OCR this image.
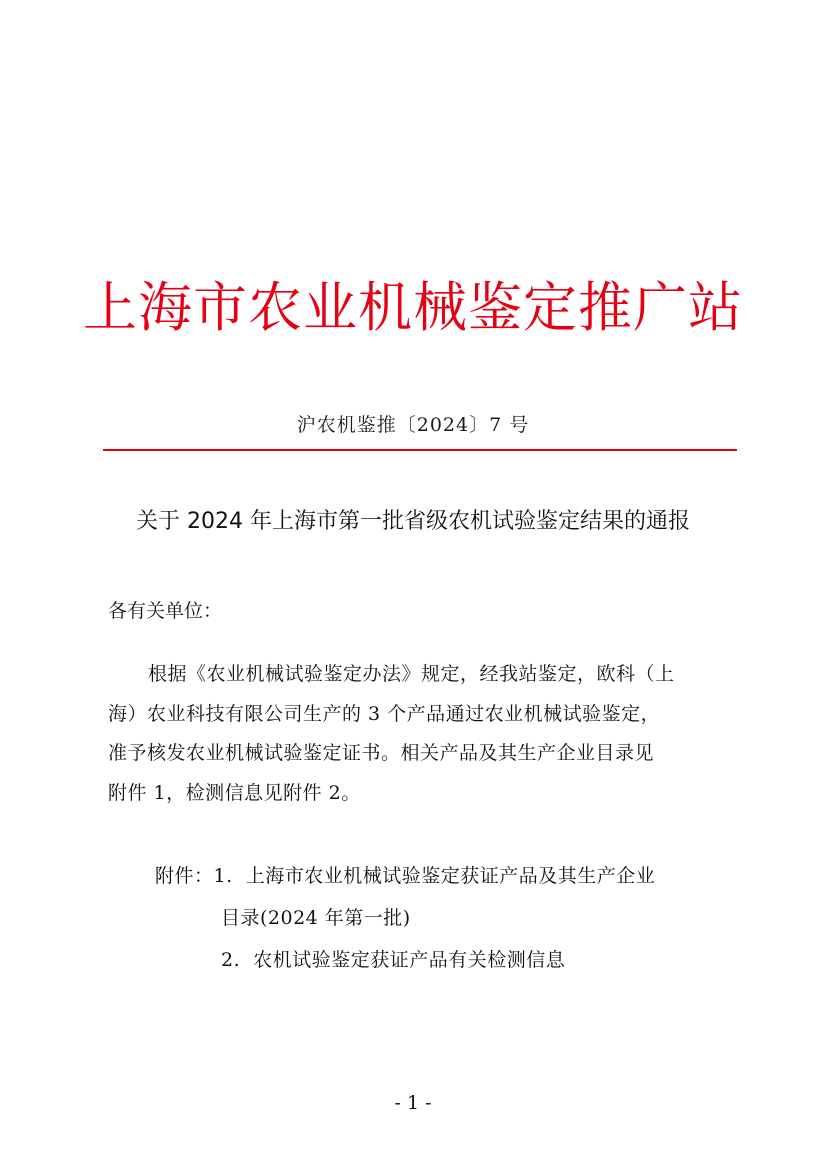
上海市农业机械鉴定推广站
沪农机鉴推〔2024〕7 号
关于 2024 年上海市第一批省级农机试验鉴定结果的通报
各有关单位：
根据《农业机械试验鉴定办法》规定，经我站鉴定，欧科（上
海）农业科技有限公司生产的 3 个产品通过农业机械试验鉴定，
准予核发农业机械试验鉴定证书。相关产品及其生产企业目录见
附件 1，检测信息见附件 2。
附件：1. 上海市农业机械试验鉴定获证产品及其生产企业
目录(2024 年第一批)
2. 农机试验鉴定获证产品有关检测信息
- 1 -
